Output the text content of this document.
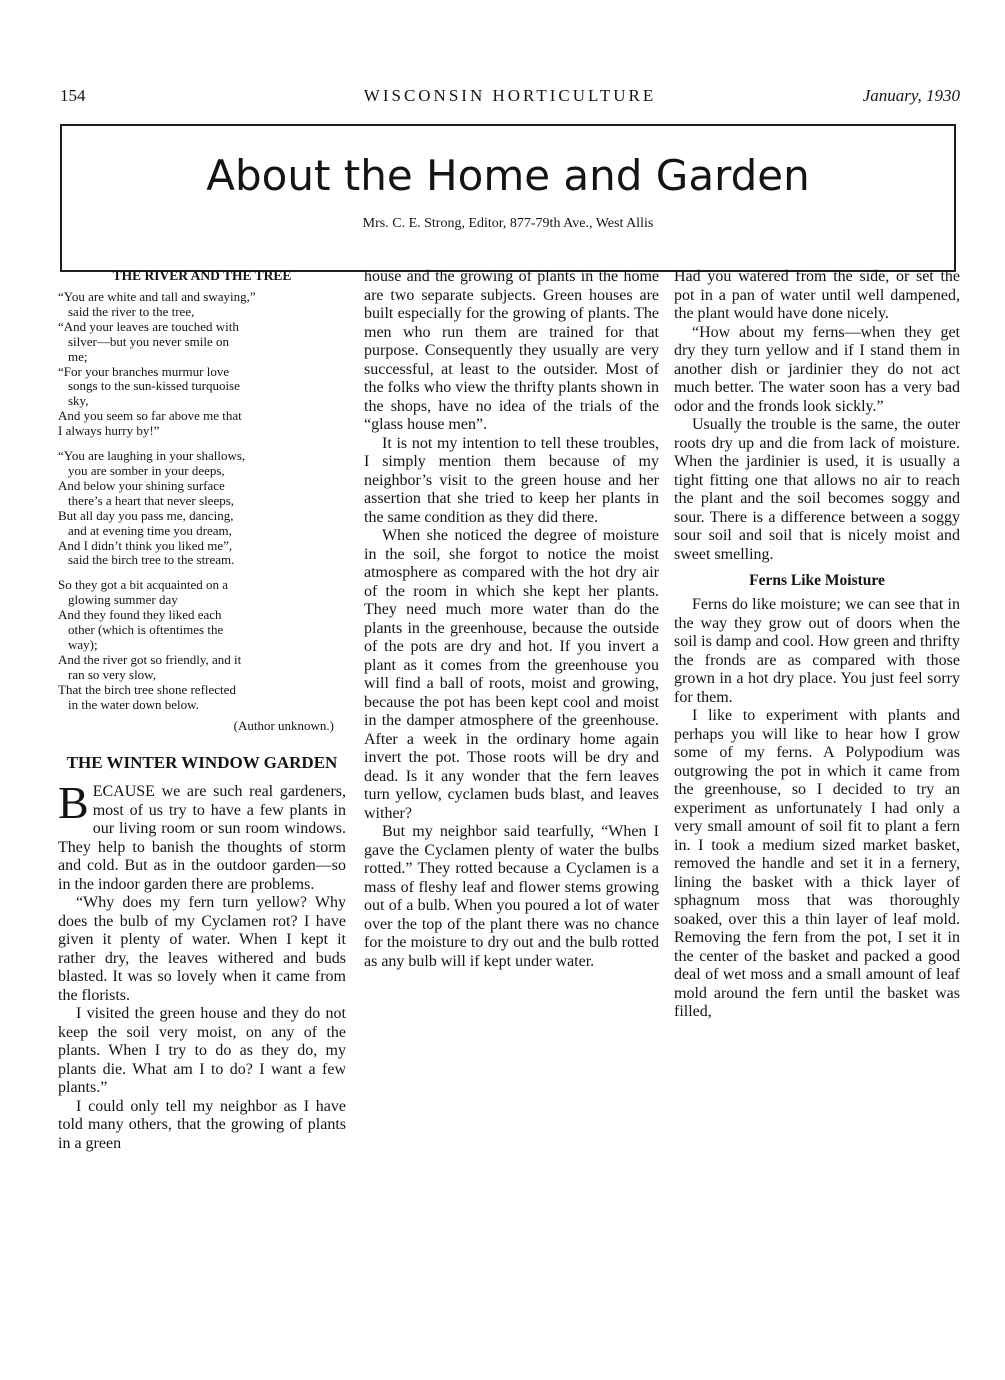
154	WISCONSIN HORTICULTURE	January, 1930
About the Home and Garden
Mrs. C. E. Strong, Editor, 877-79th Ave., West Allis
THE RIVER AND THE TREE
“You are white and tall and swaying,”
said the river to the tree,
“And your leaves are touched with
silver—but you never smile on
me;
“For your branches murmur love
songs to the sun-kissed turquoise
sky,
And you seem so far above me that
I always hurry by!”
“You are laughing in your shallows,
you are somber in your deeps,
And below your shining surface
there’s a heart that never sleeps,
But all day you pass me, dancing,
and at evening time you dream,
And I didn’t think you liked me”,
said the birch tree to the stream.
So they got a bit acquainted on a
glowing summer day
And they found they liked each
other (which is oftentimes the
way);
And the river got so friendly, and it
ran so very slow,
That the birch tree shone reflected
in the water down below.
(Author unknown.)
THE WINTER WINDOW GARDEN

BECAUSE we are such real gardeners, most of us try to have a few plants in our living room or sun room windows. They help to banish the thoughts of storm and cold. But as in the outdoor garden—so in the indoor garden there are problems.

“Why does my fern turn yellow? Why does the bulb of my Cyclamen rot? I have given it plenty of water. When I kept it rather dry, the leaves withered and buds blasted. It was so lovely when it came from the florists.

I visited the green house and they do not keep the soil very moist, on any of the plants. When I try to do as they do, my plants die. What am I to do? I want a few plants.”

I could only tell my neighbor as I have told many others, that the growing of plants in a green

house and the growing of plants in the home are two separate subjects. Green houses are built especially for the growing of plants. The men who run them are trained for that purpose. Consequently they usually are very successful, at least to the outsider. Most of the folks who view the thrifty plants shown in the shops, have no idea of the trials of the “glass house men”.

It is not my intention to tell these troubles, I simply mention them because of my neighbor’s visit to the green house and her assertion that she tried to keep her plants in the same condition as they did there.

When she noticed the degree of moisture in the soil, she forgot to notice the moist atmosphere as compared with the hot dry air of the room in which she kept her plants. They need much more water than do the plants in the greenhouse, because the outside of the pots are dry and hot. If you invert a plant as it comes from the greenhouse you will find a ball of roots, moist and growing, because the pot has been kept cool and moist in the damper atmosphere of the greenhouse. After a week in the ordinary home again invert the pot. Those roots will be dry and dead. Is it any wonder that the fern leaves turn yellow, cyclamen buds blast, and leaves wither?

But my neighbor said tearfully, “When I gave the Cyclamen plenty of water the bulbs rotted.” They rotted because a Cyclamen is a mass of fleshy leaf and flower stems growing out of a bulb. When you poured a lot of water over the top of the plant there was no chance for the moisture to dry out and the bulb rotted as any bulb will if kept under water.

Had you watered from the side, or set the pot in a pan of water until well dampened, the plant would have done nicely.

“How about my ferns—when they get dry they turn yellow and if I stand them in another dish or jardinier they do not act much better. The water soon has a very bad odor and the fronds look sickly.”

Usually the trouble is the same, the outer roots dry up and die from lack of moisture. When the jardinier is used, it is usually a tight fitting one that allows no air to reach the plant and the soil becomes soggy and sour. There is a difference between a soggy sour soil and soil that is nicely moist and sweet smelling.

Ferns Like Moisture

Ferns do like moisture; we can see that in the way they grow out of doors when the soil is damp and cool. How green and thrifty the fronds are as compared with those grown in a hot dry place. You just feel sorry for them.

I like to experiment with plants and perhaps you will like to hear how I grow some of my ferns. A Polypodium was outgrowing the pot in which it came from the greenhouse, so I decided to try an experiment as unfortunately I had only a very small amount of soil fit to plant a fern in. I took a medium sized market basket, removed the handle and set it in a fernery, lining the basket with a thick layer of sphagnum moss that was thoroughly soaked, over this a thin layer of leaf mold. Removing the fern from the pot, I set it in the center of the basket and packed a good deal of wet moss and a small amount of leaf mold around the fern until the basket was filled,
